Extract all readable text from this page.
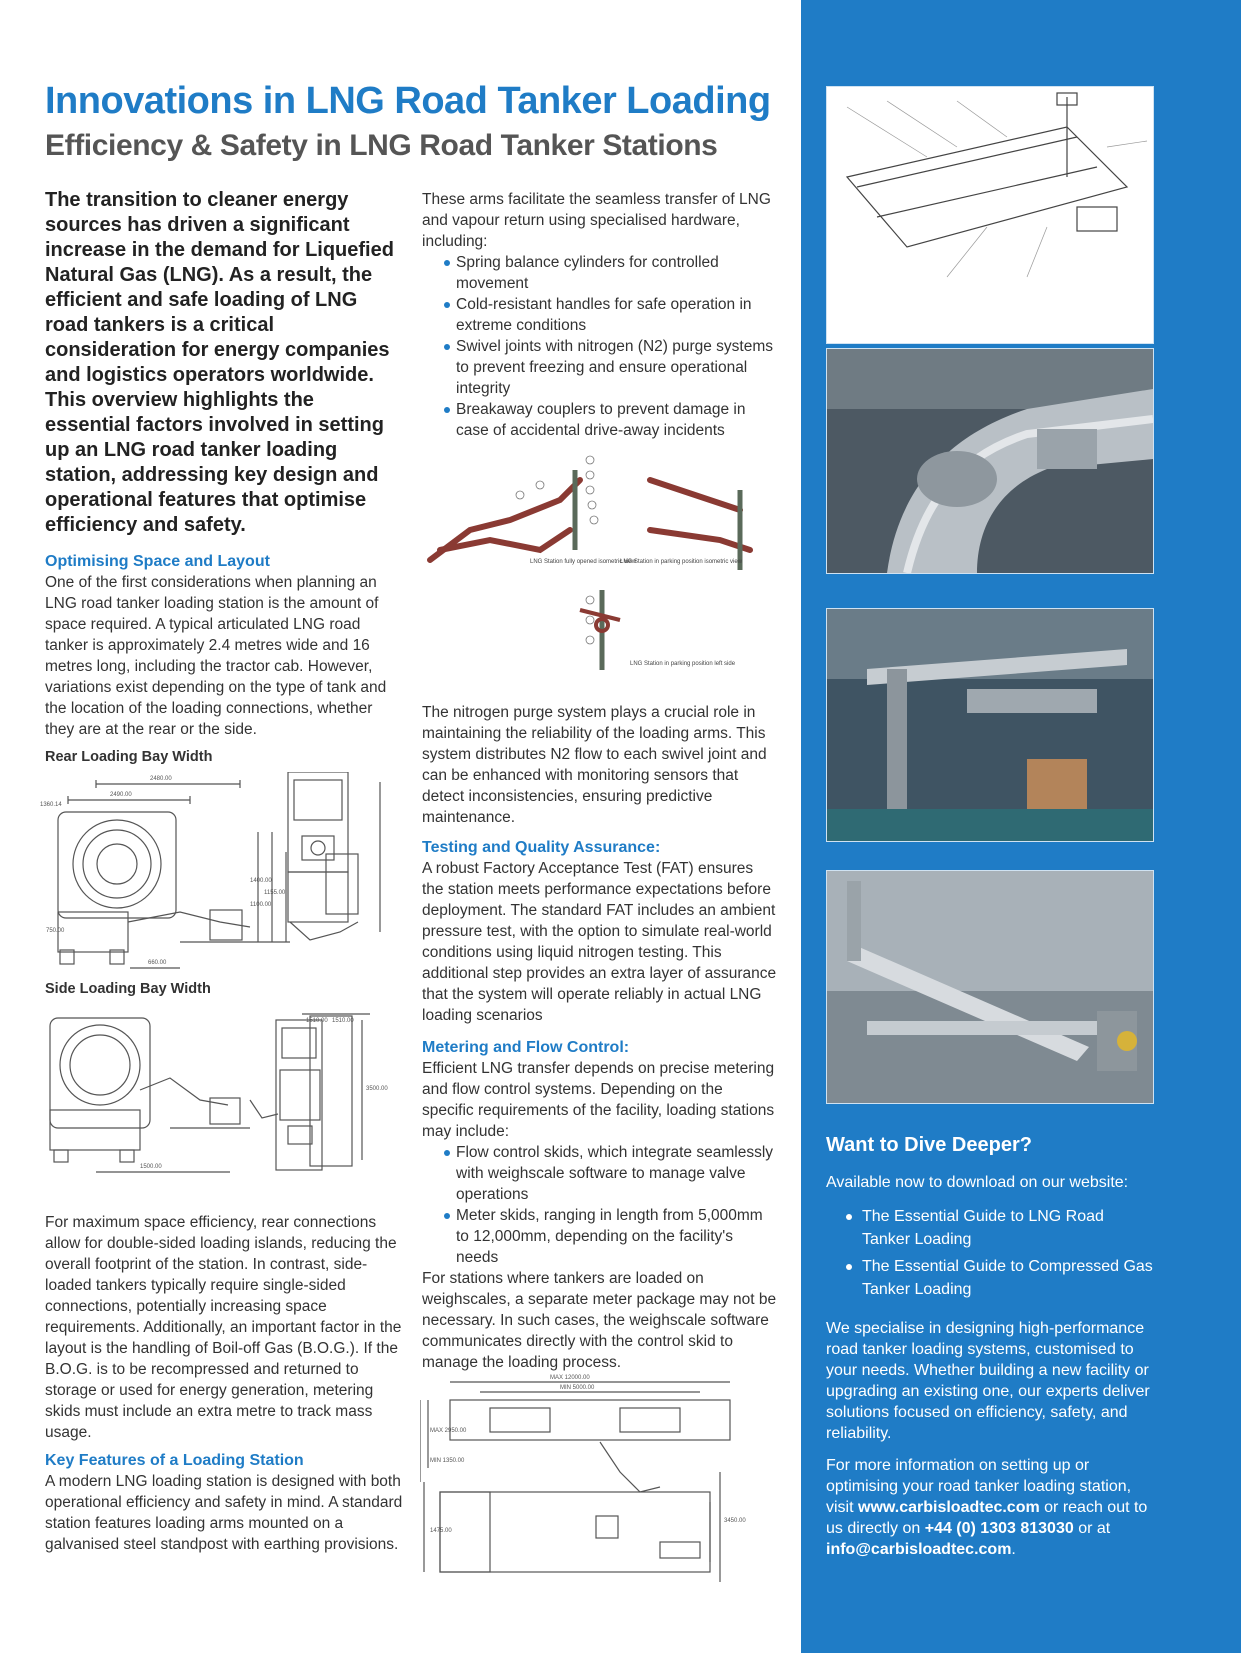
Innovations in LNG Road Tanker Loading
Efficiency & Safety in LNG Road Tanker Stations

The transition to cleaner energy sources has driven a significant increase in the demand for Liquefied Natural Gas (LNG). As a result, the efficient and safe loading of LNG road tankers is a critical consideration for energy companies and logistics operators worldwide. This overview highlights the essential factors involved in setting up an LNG road tanker loading station, addressing key design and operational features that optimise efficiency and safety.

Optimising Space and Layout

One of the first considerations when planning an LNG road tanker loading station is the amount of space required. A typical articulated LNG road tanker is approximately 2.4 metres wide and 16 metres long, including the tractor cab. However, variations exist depending on the type of tank and the location of the loading connections, whether they are at the rear or the side.

Rear Loading Bay Width

2480.00
2490.00
1360.14
1400.00
1155.00
1100.00
750.00
660.00

Side Loading Bay Width

1510.00 1510.00
3500.00
1500.00

For maximum space efficiency, rear connections allow for double-sided loading islands, reducing the overall footprint of the station. In contrast, side-loaded tankers typically require single-sided connections, potentially increasing space requirements. Additionally, an important factor in the layout is the handling of Boil-off Gas (B.O.G.). If the B.O.G. is to be recompressed and returned to storage or used for energy generation, metering skids must include an extra metre to track mass usage.

Key Features of a Loading Station

A modern LNG loading station is designed with both operational efficiency and safety in mind. A standard station features loading arms mounted on a galvanised steel standpost with earthing provisions.

These arms facilitate the seamless transfer of LNG and vapour return using specialised hardware, including:

Spring balance cylinders for controlled movement
Cold-resistant handles for safe operation in extreme conditions
Swivel joints with nitrogen (N2) purge systems to prevent freezing and ensure operational integrity
Breakaway couplers to prevent damage in case of accidental drive-away incidents
LNG Station fully opened isometric view
LNG Station in parking position isometric view
LNG Station in parking position left side

The nitrogen purge system plays a crucial role in maintaining the reliability of the loading arms. This system distributes N2 flow to each swivel joint and can be enhanced with monitoring sensors that detect inconsistencies, ensuring predictive maintenance.

Testing and Quality Assurance:

A robust Factory Acceptance Test (FAT) ensures the station meets performance expectations before deployment. The standard FAT includes an ambient pressure test, with the option to simulate real-world conditions using liquid nitrogen testing. This additional step provides an extra layer of assurance that the system will operate reliably in actual LNG loading scenarios

Metering and Flow Control:

Efficient LNG transfer depends on precise metering and flow control systems. Depending on the specific requirements of the facility, loading stations may include:

Flow control skids, which integrate seamlessly with weighscale software to manage valve operations
Meter skids, ranging in length from 5,000mm to 12,000mm, depending on the facility's needs

For stations where tankers are loaded on weighscales, a separate meter package may not be necessary. In such cases, the weighscale software communicates directly with the control skid to manage the loading process.

MAX 12000.00
MIN 5000.00
MAX 2950.00
MIN 1350.00
1475.00
3450.00
Want to Dive Deeper?

Available now to download on our website:

The Essential Guide to LNG Road Tanker Loading
The Essential Guide to Compressed Gas Tanker Loading

We specialise in designing high-performance road tanker loading systems, customised to your needs. Whether building a new facility or upgrading an existing one, our experts deliver solutions focused on efficiency, safety, and reliability.

For more information on setting up or optimising your road tanker loading station, visit www.carbisloadtec.com or reach out to us directly on +44 (0) 1303 813030 or at info@carbisloadtec.com.
